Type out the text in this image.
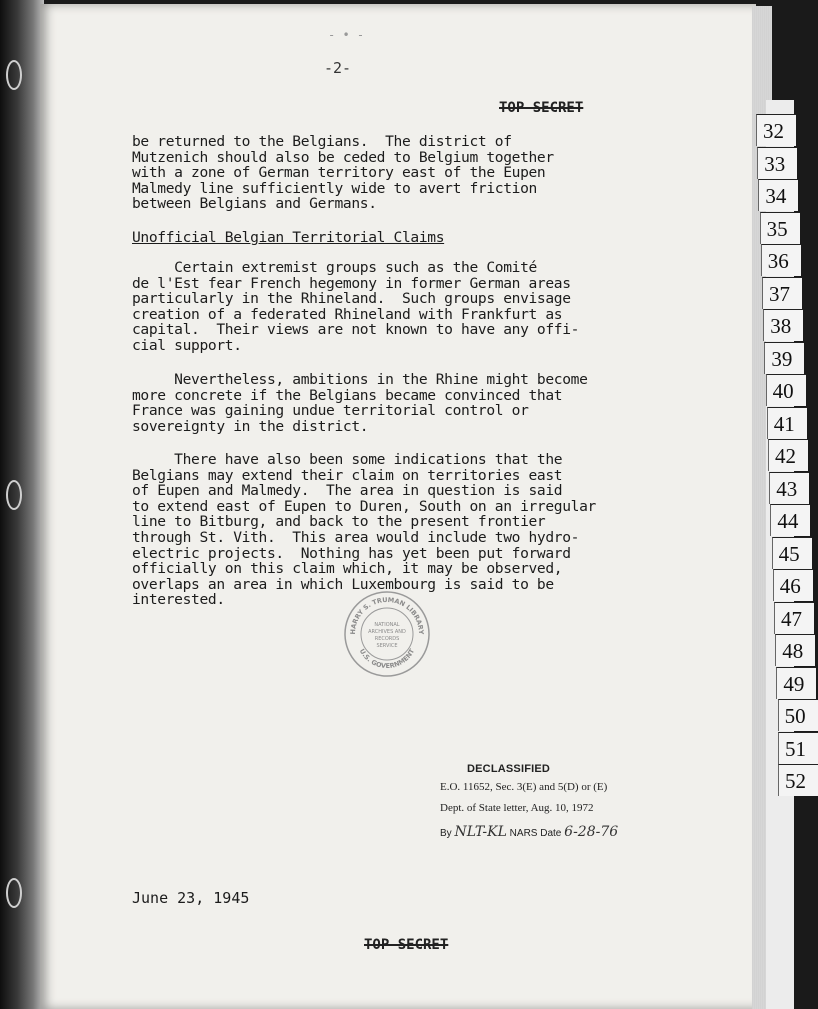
32
33
34
35
36
37
38
39
40
41
42
43
44
45
46
47
48
49
50
51
52
- • -
-2-
TOP SECRET
be returned to the Belgians.  The district of
Mutzenich should also be ceded to Belgium together
with a zone of German territory east of the Eupen
Malmedy line sufficiently wide to avert friction
between Belgians and Germans.
Unofficial Belgian Territorial Claims
Certain extremist groups such as the Comité
de l'Est fear French hegemony in former German areas
particularly in the Rhineland.  Such groups envisage
creation of a federated Rhineland with Frankfurt as
capital.  Their views are not known to have any offi-
cial support.
Nevertheless, ambitions in the Rhine might become
more concrete if the Belgians became convinced that
France was gaining undue territorial control or
sovereignty in the district.
There have also been some indications that the
Belgians may extend their claim on territories east
of Eupen and Malmedy.  The area in question is said
to extend east of Eupen to Duren, South on an irregular
line to Bitburg, and back to the present frontier
through St. Vith.  This area would include two hydro-
electric projects.  Nothing has yet been put forward
officially on this claim which, it may be observed,
overlaps an area in which Luxembourg is said to be
interested.
HARRY S. TRUMAN LIBRARY
U.S. GOVERNMENT
NATIONAL
ARCHIVES AND
RECORDS
SERVICE
DECLASSIFIED
E.O. 11652, Sec. 3(E) and 5(D) or (E)
Dept. of State letter, Aug. 10, 1972
By NLT-KL NARS Date 6-28-76
June 23, 1945
TOP SECRET
